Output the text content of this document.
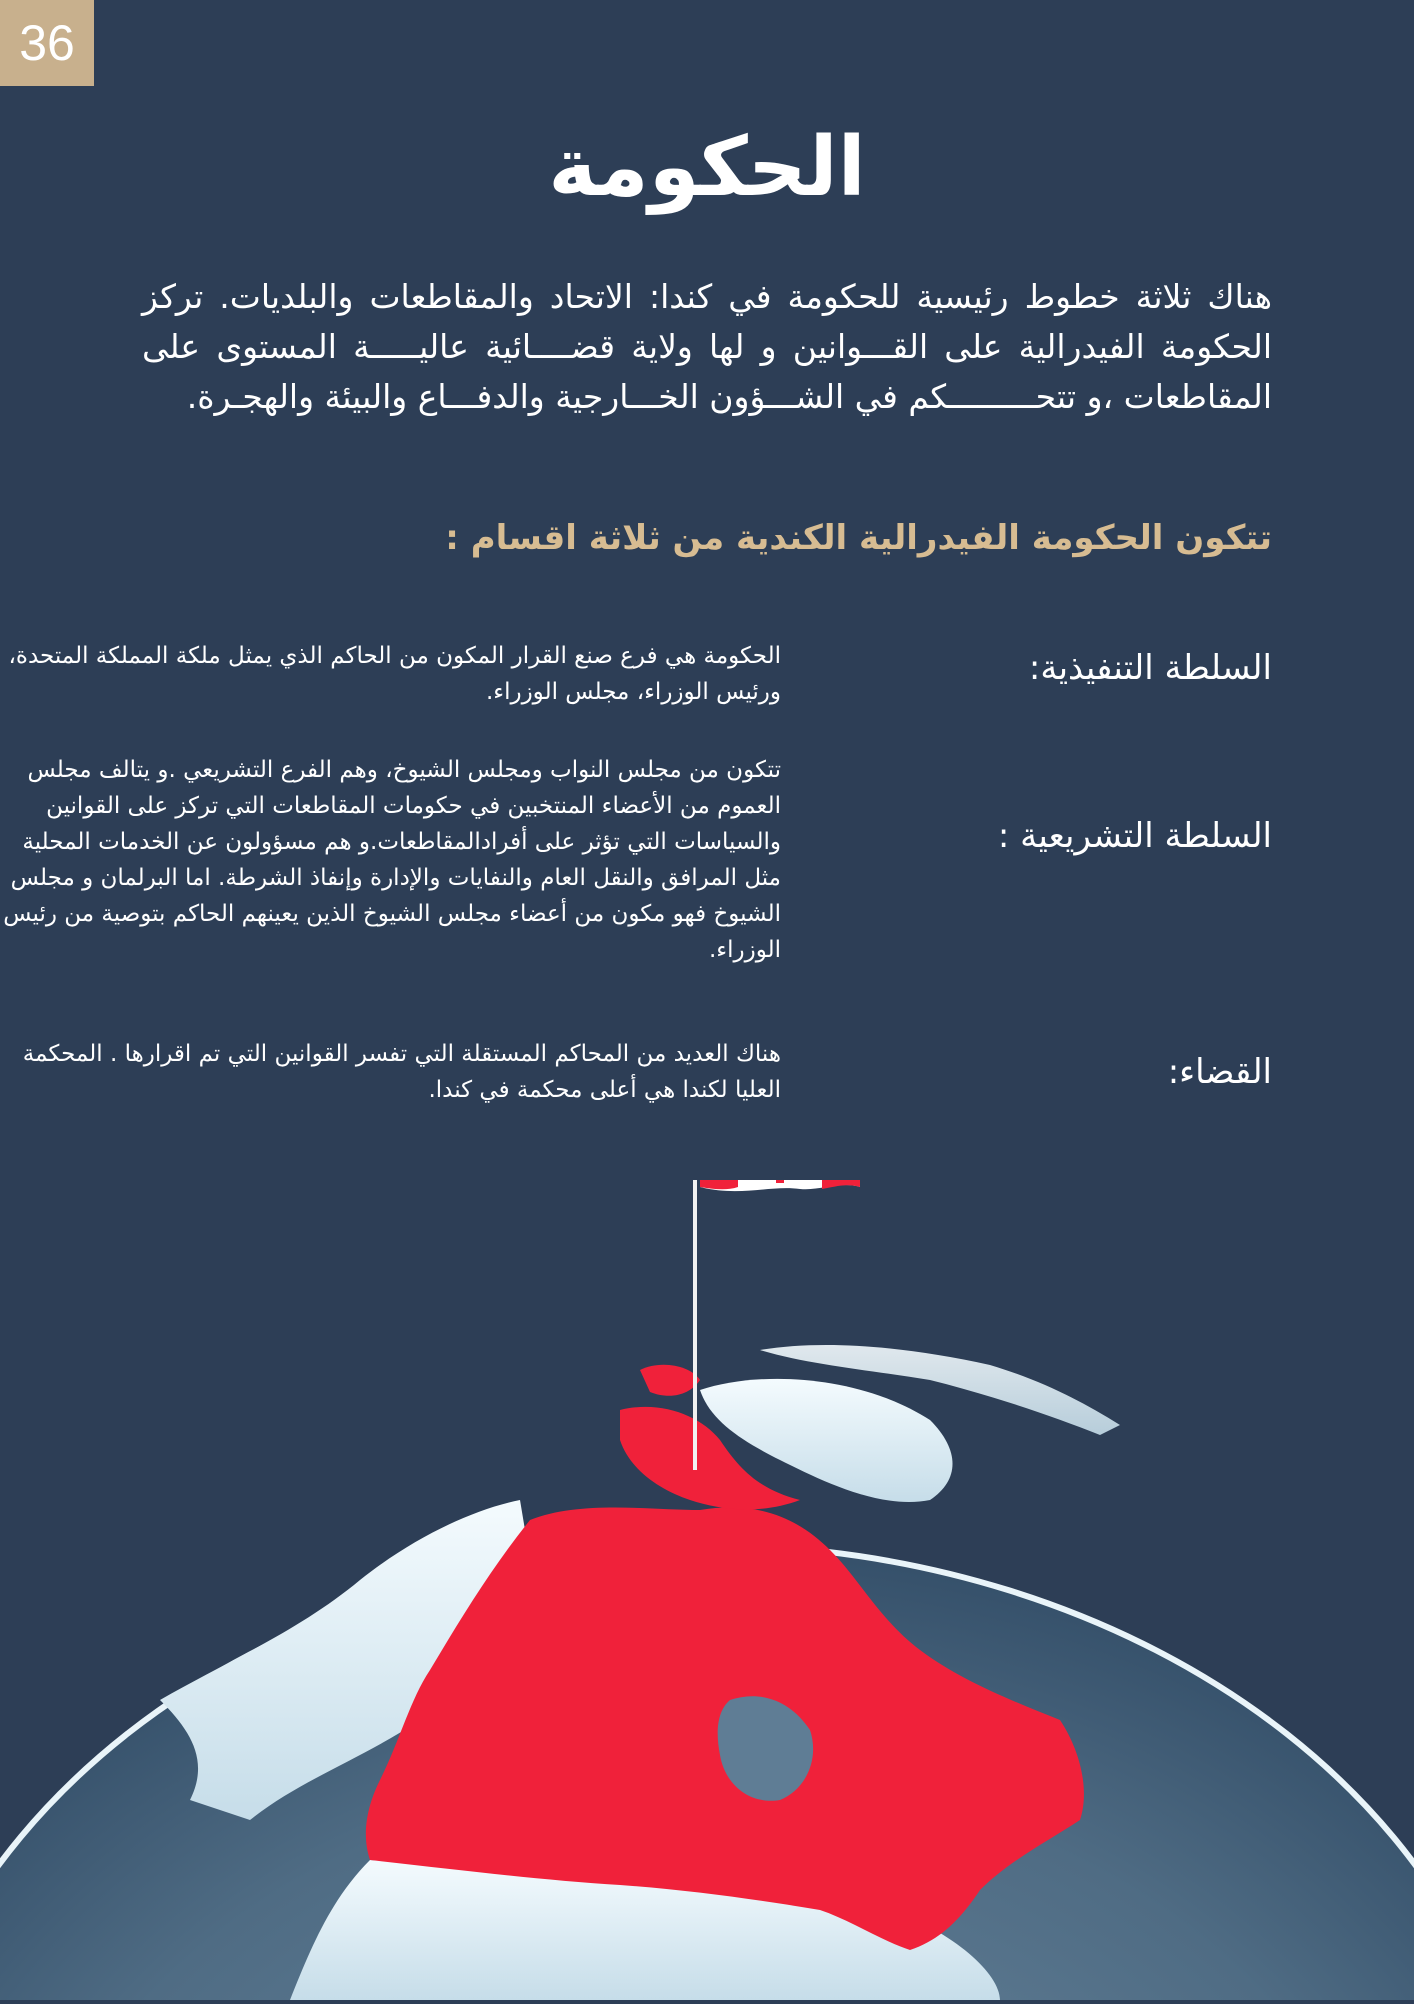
36
الحكومة
هناك ثلاثة خطوط رئيسية للحكومة في كندا: الاتحاد والمقاطعات والبلديات. تركز الحكومة الفيدرالية على القـــوانين و لها ولاية قضــــائية عاليـــــة المستوى على المقاطعات ،و تتحـــــــــكم في الشـــؤون الخـــارجية والدفـــاع والبيئة والهجـرة.
تتكون الحكومة الفيدرالية الكندية من ثلاثة اقسام :
السلطة التنفيذية:
الحكومة هي فرع صنع القرار المكون من الحاكم الذي يمثل ملكة المملكة المتحدة، ورئيس الوزراء، مجلس الوزراء.
السلطة التشريعية :
تتكون من مجلس النواب ومجلس الشيوخ، وهم الفرع التشريعي .و يتالف مجلس العموم من الأعضاء المنتخبين في حكومات المقاطعات التي تركز على القوانين والسياسات التي تؤثر على أفرادالمقاطعات.و هم مسؤولون عن الخدمات المحلية مثل المرافق والنقل العام والنفايات والإدارة وإنفاذ الشرطة. اما البرلمان و مجلس الشيوخ فهو مكون من أعضاء مجلس الشيوخ الذين يعينهم الحاكم بتوصية من رئيس الوزراء.
القضاء:
هناك العديد من المحاكم المستقلة التي تفسر القوانين التي تم اقرارها . المحكمة العليا لكندا هي أعلى محكمة في كندا.
